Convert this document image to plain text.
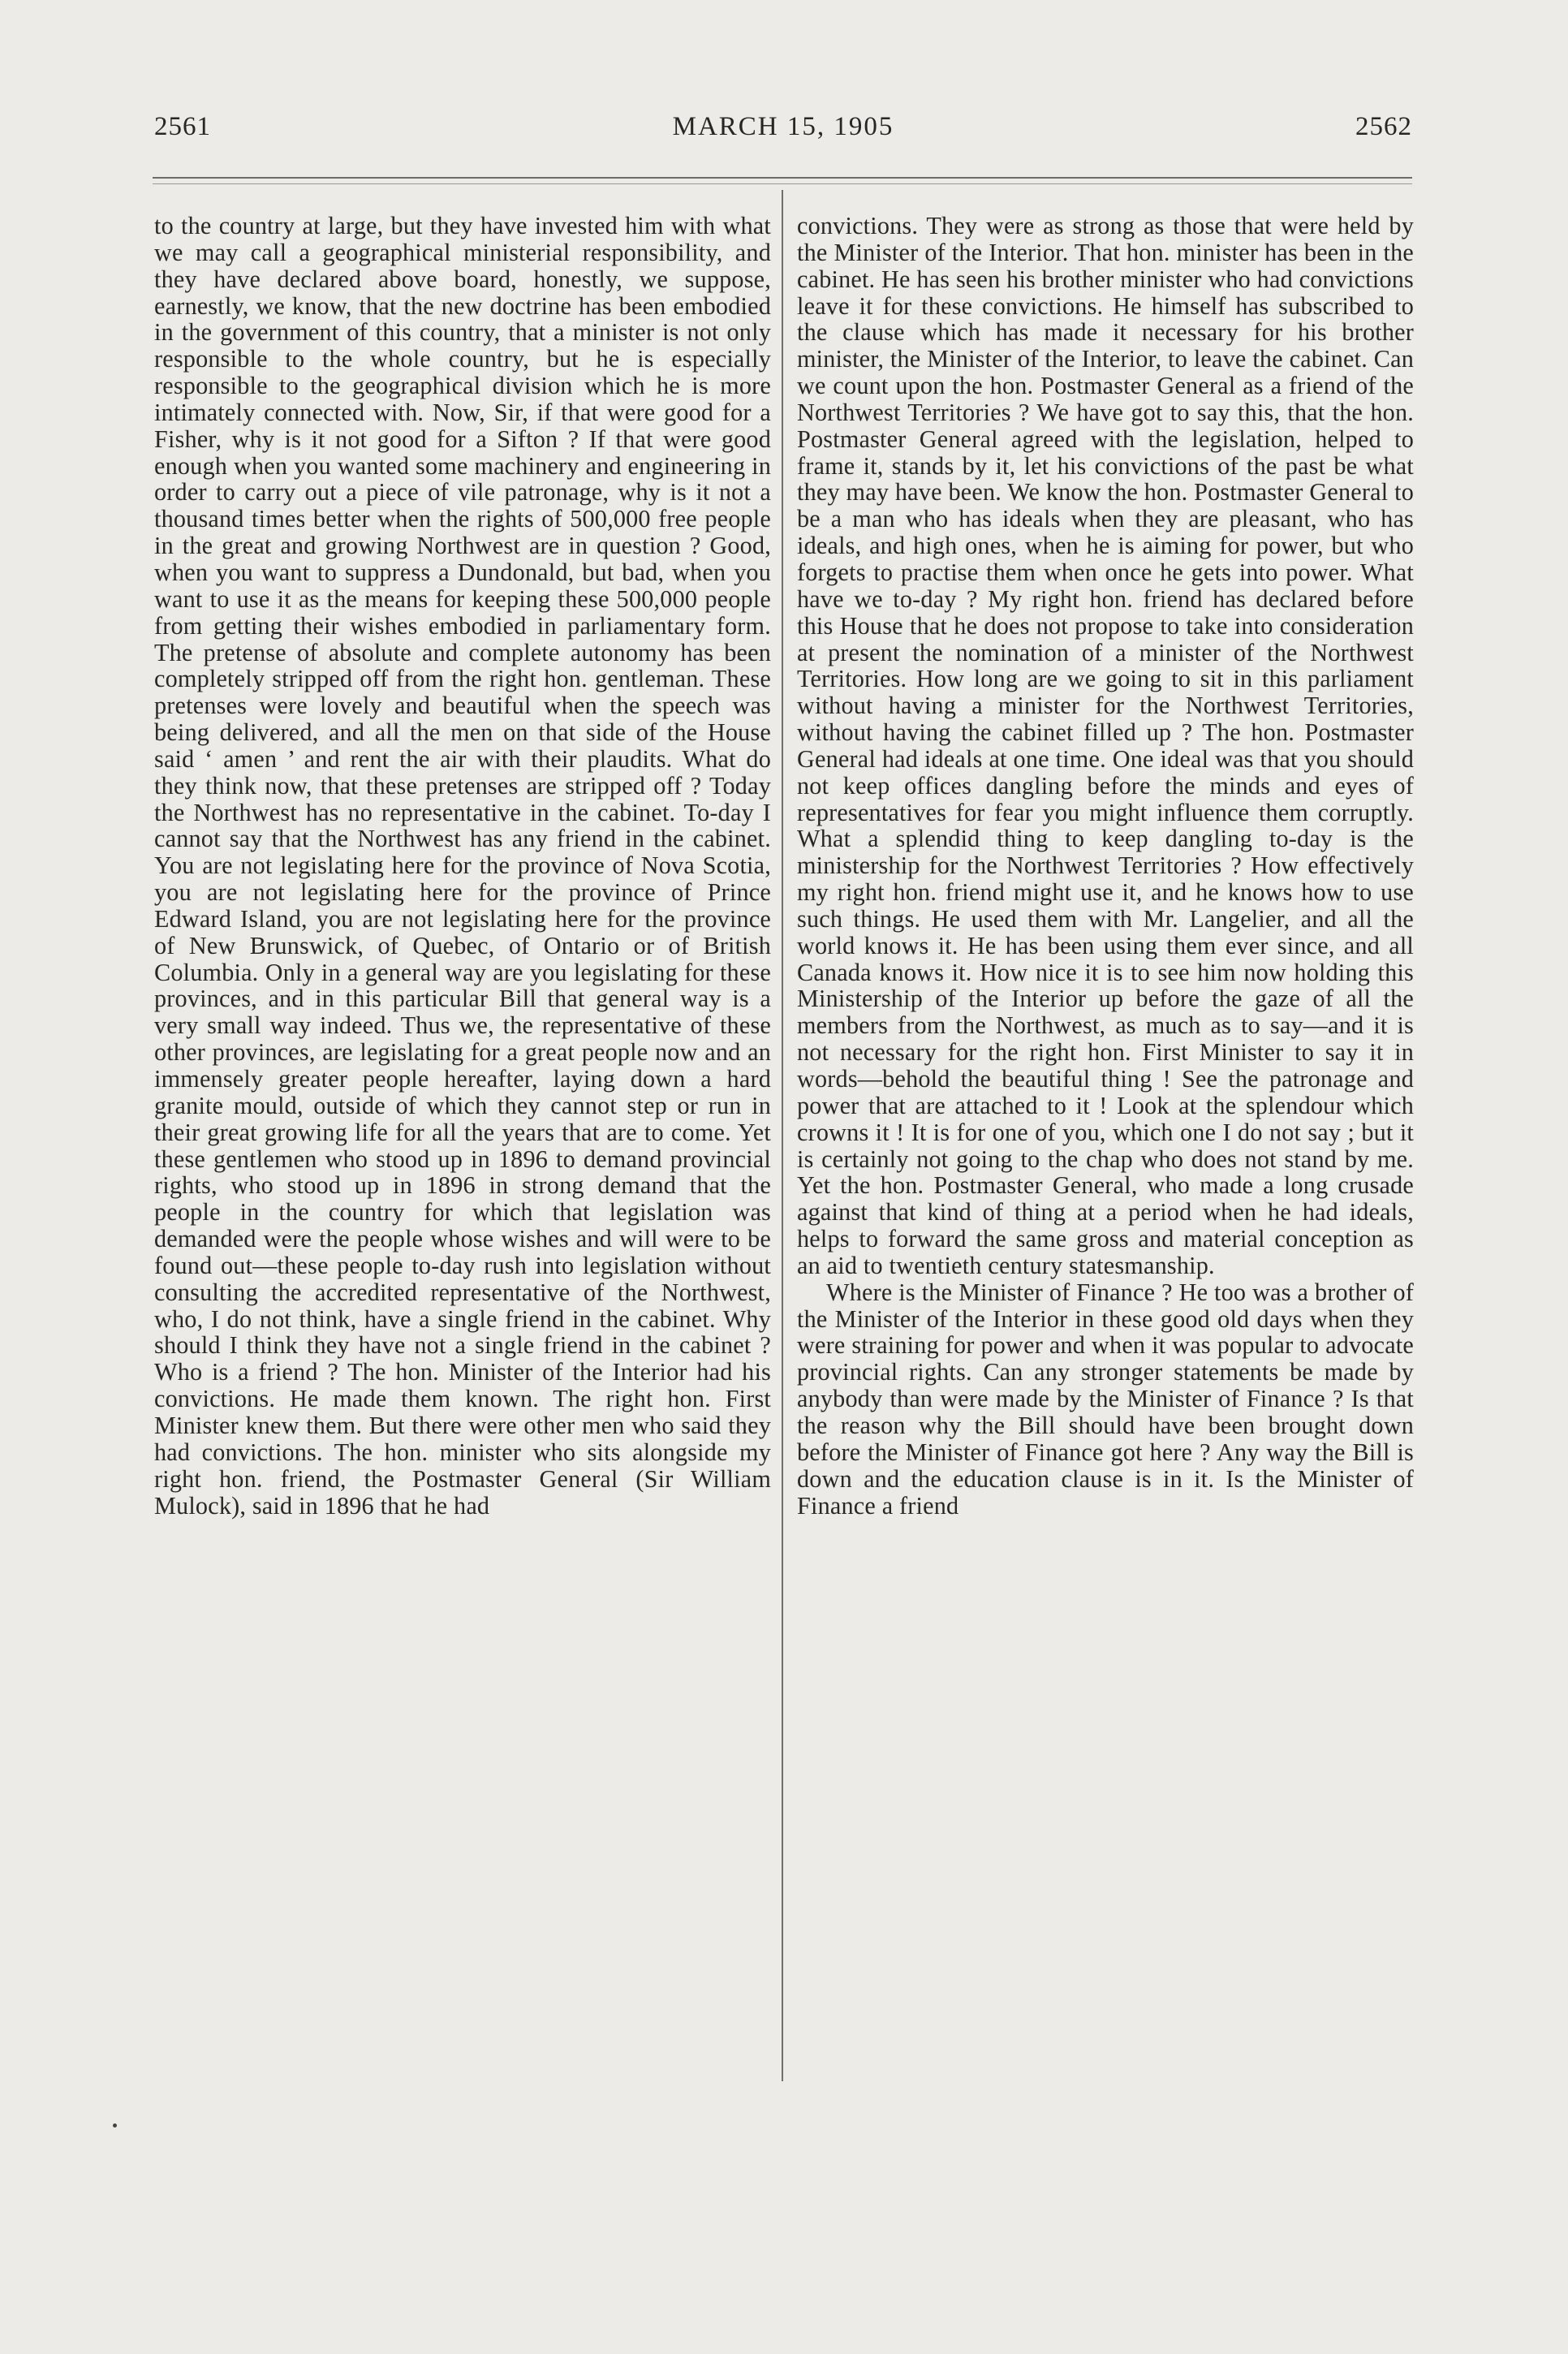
2561	MARCH 15, 1905	2562

to the country at large, but they have invested him with what we may call a geographical ministerial responsibility, and they have declared above board, honestly, we suppose, earnestly, we know, that the new doctrine has been embodied in the government of this country, that a minister is not only responsible to the whole country, but he is especially responsible to the geographical division which he is more intimately connected with. Now, Sir, if that were good for a Fisher, why is it not good for a Sifton ? If that were good enough when you wanted some machinery and engineering in order to carry out a piece of vile patronage, why is it not a thousand times better when the rights of 500,000 free people in the great and growing Northwest are in question ? Good, when you want to suppress a Dundonald, but bad, when you want to use it as the means for keeping these 500,000 people from getting their wishes embodied in parliamentary form. The pretense of absolute and complete autonomy has been completely stripped off from the right hon. gentleman. These pretenses were lovely and beautiful when the speech was being delivered, and all the men on that side of the House said ‘ amen ’ and rent the air with their plaudits. What do they think now, that these pretenses are stripped off ? Today the Northwest has no representative in the cabinet. To-day I cannot say that the Northwest has any friend in the cabinet. You are not legislating here for the province of Nova Scotia, you are not legislating here for the province of Prince Edward Island, you are not legislating here for the province of New Brunswick, of Quebec, of Ontario or of British Columbia. Only in a general way are you legislating for these provinces, and in this particular Bill that general way is a very small way indeed. Thus we, the representative of these other provinces, are legislating for a great people now and an immensely greater people hereafter, laying down a hard granite mould, outside of which they cannot step or run in their great growing life for all the years that are to come. Yet these gentlemen who stood up in 1896 to demand provincial rights, who stood up in 1896 in strong demand that the people in the country for which that legislation was demanded were the people whose wishes and will were to be found out—these people to-day rush into legislation without consulting the accredited representative of the Northwest, who, I do not think, have a single friend in the cabinet. Why should I think they have not a single friend in the cabinet ? Who is a friend ? The hon. Minister of the Interior had his convictions. He made them known. The right hon. First Minister knew them. But there were other men who said they had convictions. The hon. minister who sits alongside my right hon. friend, the Postmaster General (Sir William Mulock), said in 1896 that he had

convictions. They were as strong as those that were held by the Minister of the Interior. That hon. minister has been in the cabinet. He has seen his brother minister who had convictions leave it for these convictions. He himself has subscribed to the clause which has made it necessary for his brother minister, the Minister of the Interior, to leave the cabinet. Can we count upon the hon. Postmaster General as a friend of the Northwest Territories ? We have got to say this, that the hon. Postmaster General agreed with the legislation, helped to frame it, stands by it, let his convictions of the past be what they may have been. We know the hon. Postmaster General to be a man who has ideals when they are pleasant, who has ideals, and high ones, when he is aiming for power, but who forgets to practise them when once he gets into power. What have we to-day ? My right hon. friend has declared before this House that he does not propose to take into consideration at present the nomination of a minister of the Northwest Territories. How long are we going to sit in this parliament without having a minister for the Northwest Territories, without having the cabinet filled up ? The hon. Postmaster General had ideals at one time. One ideal was that you should not keep offices dangling before the minds and eyes of representatives for fear you might influence them corruptly. What a splendid thing to keep dangling to-day is the ministership for the Northwest Territories ? How effectively my right hon. friend might use it, and he knows how to use such things. He used them with Mr. Langelier, and all the world knows it. He has been using them ever since, and all Canada knows it. How nice it is to see him now holding this Ministership of the Interior up before the gaze of all the members from the Northwest, as much as to say—and it is not necessary for the right hon. First Minister to say it in words—behold the beautiful thing ! See the patronage and power that are attached to it ! Look at the splendour which crowns it ! It is for one of you, which one I do not say ; but it is certainly not going to the chap who does not stand by me. Yet the hon. Postmaster General, who made a long crusade against that kind of thing at a period when he had ideals, helps to forward the same gross and material conception as an aid to twentieth century statesmanship.

Where is the Minister of Finance ? He too was a brother of the Minister of the Interior in these good old days when they were straining for power and when it was popular to advocate provincial rights. Can any stronger statements be made by anybody than were made by the Minister of Finance ? Is that the reason why the Bill should have been brought down before the Minister of Finance got here ? Any way the Bill is down and the education clause is in it. Is the Minister of Finance a friend
